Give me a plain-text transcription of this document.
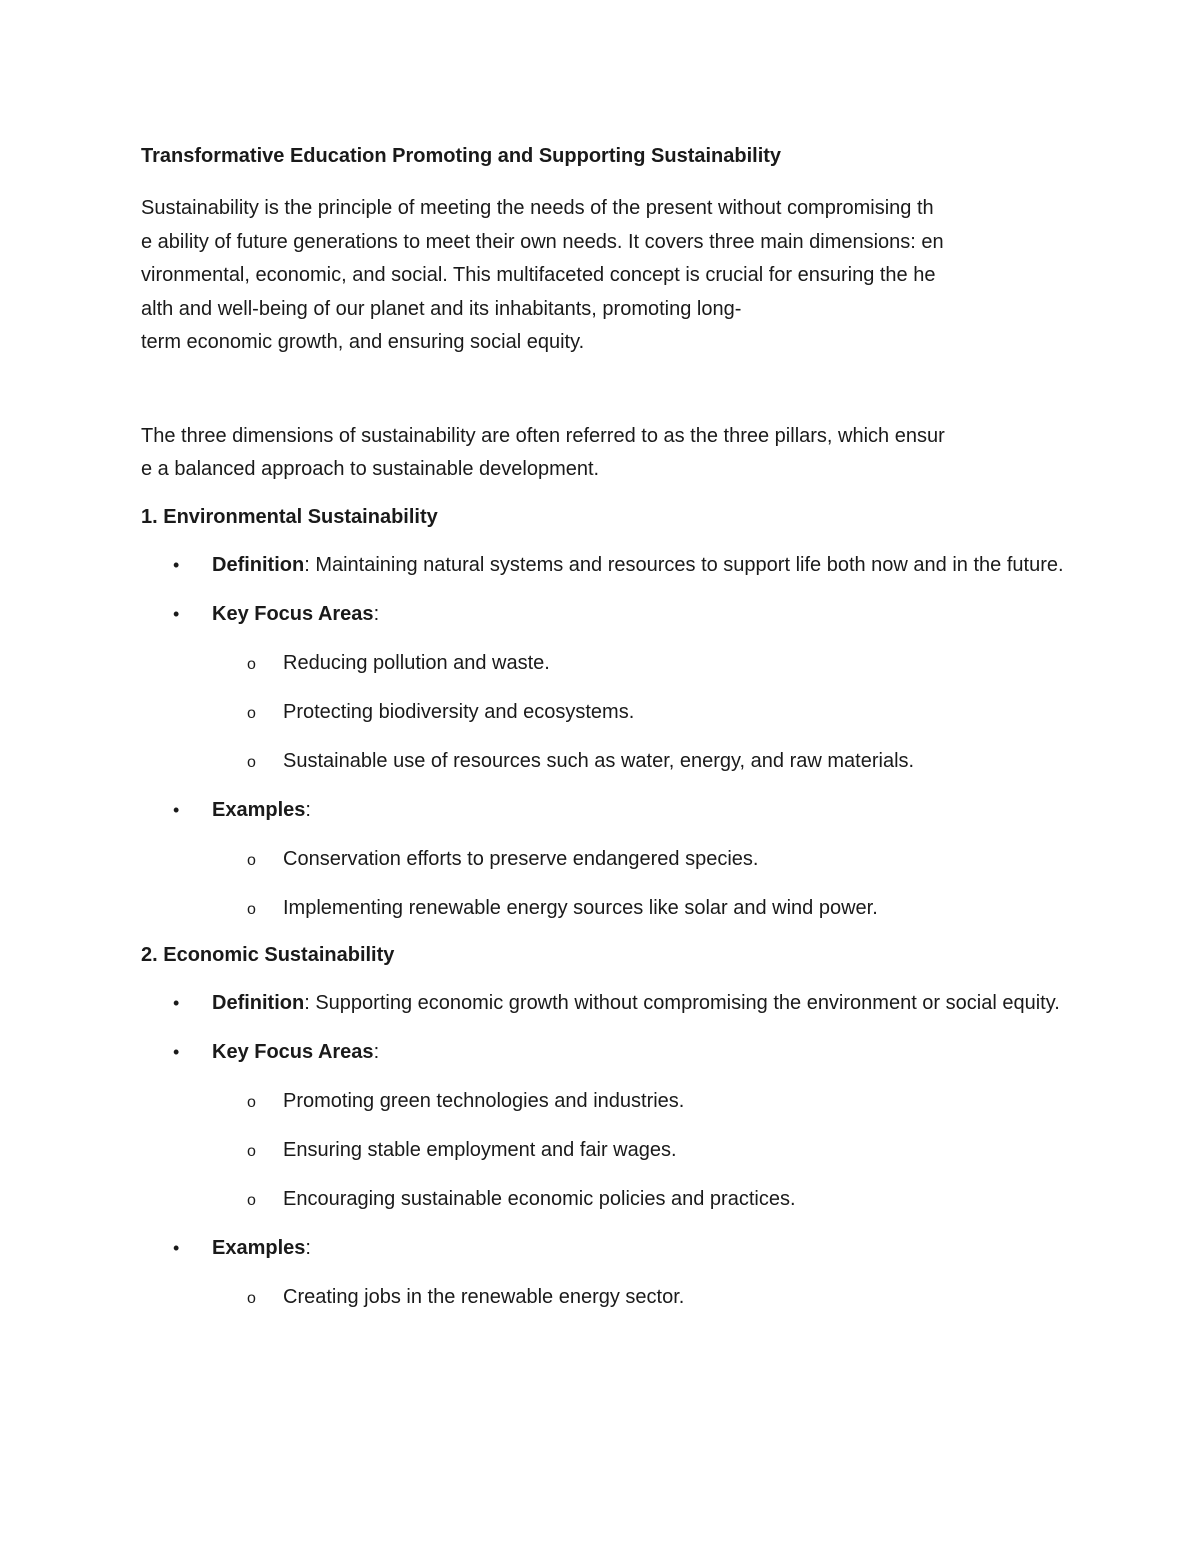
Transformative Education Promoting and Supporting Sustainability

Sustainability is the principle of meeting the needs of the present without compromising th
e ability of future generations to meet their own needs. It covers three main dimensions: en
vironmental, economic, and social. This multifaceted concept is crucial for ensuring the he
alth and well-being of our planet and its inhabitants, promoting long-
term economic growth, and ensuring social equity.

The three dimensions of sustainability are often referred to as the three pillars, which ensur
e a balanced approach to sustainable development.

1. Environmental Sustainability
• Definition: Maintaining natural systems and resources to support life both now and in the future.
• Key Focus Areas:
o Reducing pollution and waste.
o Protecting biodiversity and ecosystems.
o Sustainable use of resources such as water, energy, and raw materials.
• Examples:
o Conservation efforts to preserve endangered species.
o Implementing renewable energy sources like solar and wind power.
2. Economic Sustainability
• Definition: Supporting economic growth without compromising the environment or social equity.
• Key Focus Areas:
o Promoting green technologies and industries.
o Ensuring stable employment and fair wages.
o Encouraging sustainable economic policies and practices.
• Examples:
o Creating jobs in the renewable energy sector.
